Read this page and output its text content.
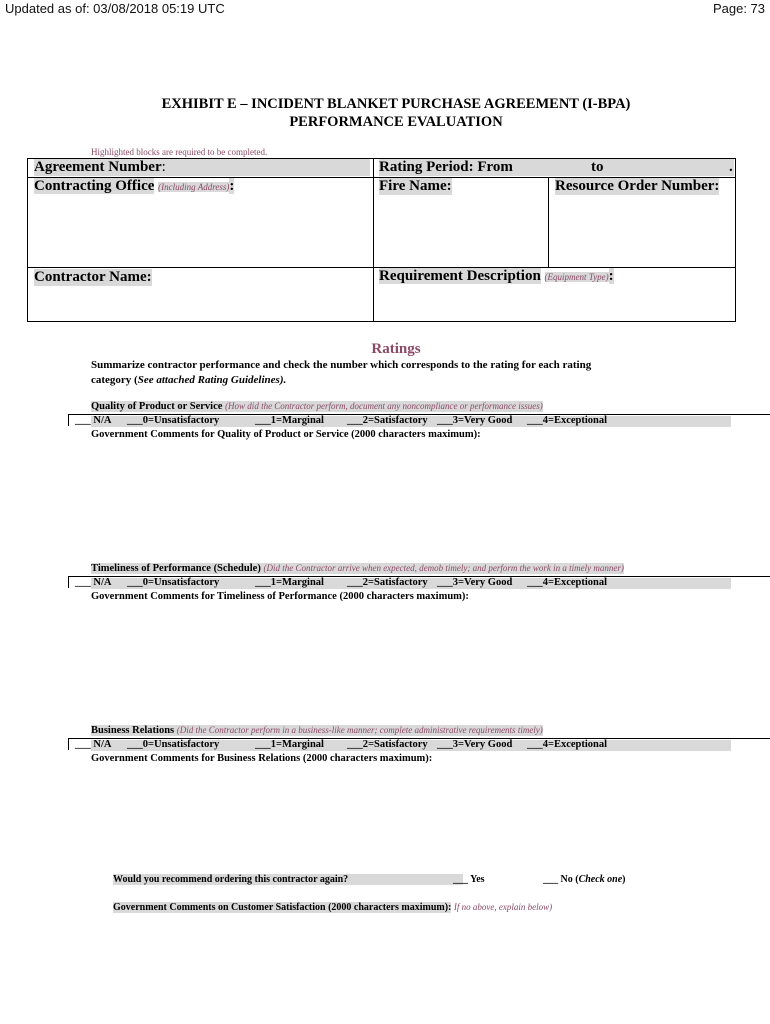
Updated as of: 03/08/2018 05:19 UTC	Page: 73
EXHIBIT E – INCIDENT BLANKET PURCHASE AGREEMENT (I-BPA)
PERFORMANCE EVALUATION
Highlighted blocks are required to be completed.
Agreement Number:	Rating Period: From	to	.
Contracting Office (Including Address):	Fire Name:	Resource Order Number:
Contractor Name:	Requirement Description (Equipment Type):
Ratings
Summarize contractor performance and check the number which corresponds to the rating for each rating
category (See attached Rating Guidelines).
Quality of Product or Service (How did the Contractor perform, document any noncompliance or performance issues)
___ N/A ___0=Unsatisfactory	___1=Marginal ___2=Satisfactory ___3=Very Good ___4=Exceptional
Government Comments for Quality of Product or Service (2000 characters maximum):
Timeliness of Performance (Schedule) (Did the Contractor arrive when expected, demob timely; and perform the work in a timely manner)
___ N/A ___0=Unsatisfactory	___1=Marginal ___2=Satisfactory ___3=Very Good ___4=Exceptional
Government Comments for Timeliness of Performance (2000 characters maximum):
Business Relations (Did the Contractor perform in a business-like manner; complete administrative requirements timely)
___ N/A ___0=Unsatisfactory	___1=Marginal ___2=Satisfactory ___3=Very Good ___4=Exceptional
Government Comments for Business Relations (2000 characters maximum):
Would you recommend ordering this contractor again?	___ Yes	___ No (Check one)
Government Comments on Customer Satisfaction (2000 characters maximum): If no above, explain below)
